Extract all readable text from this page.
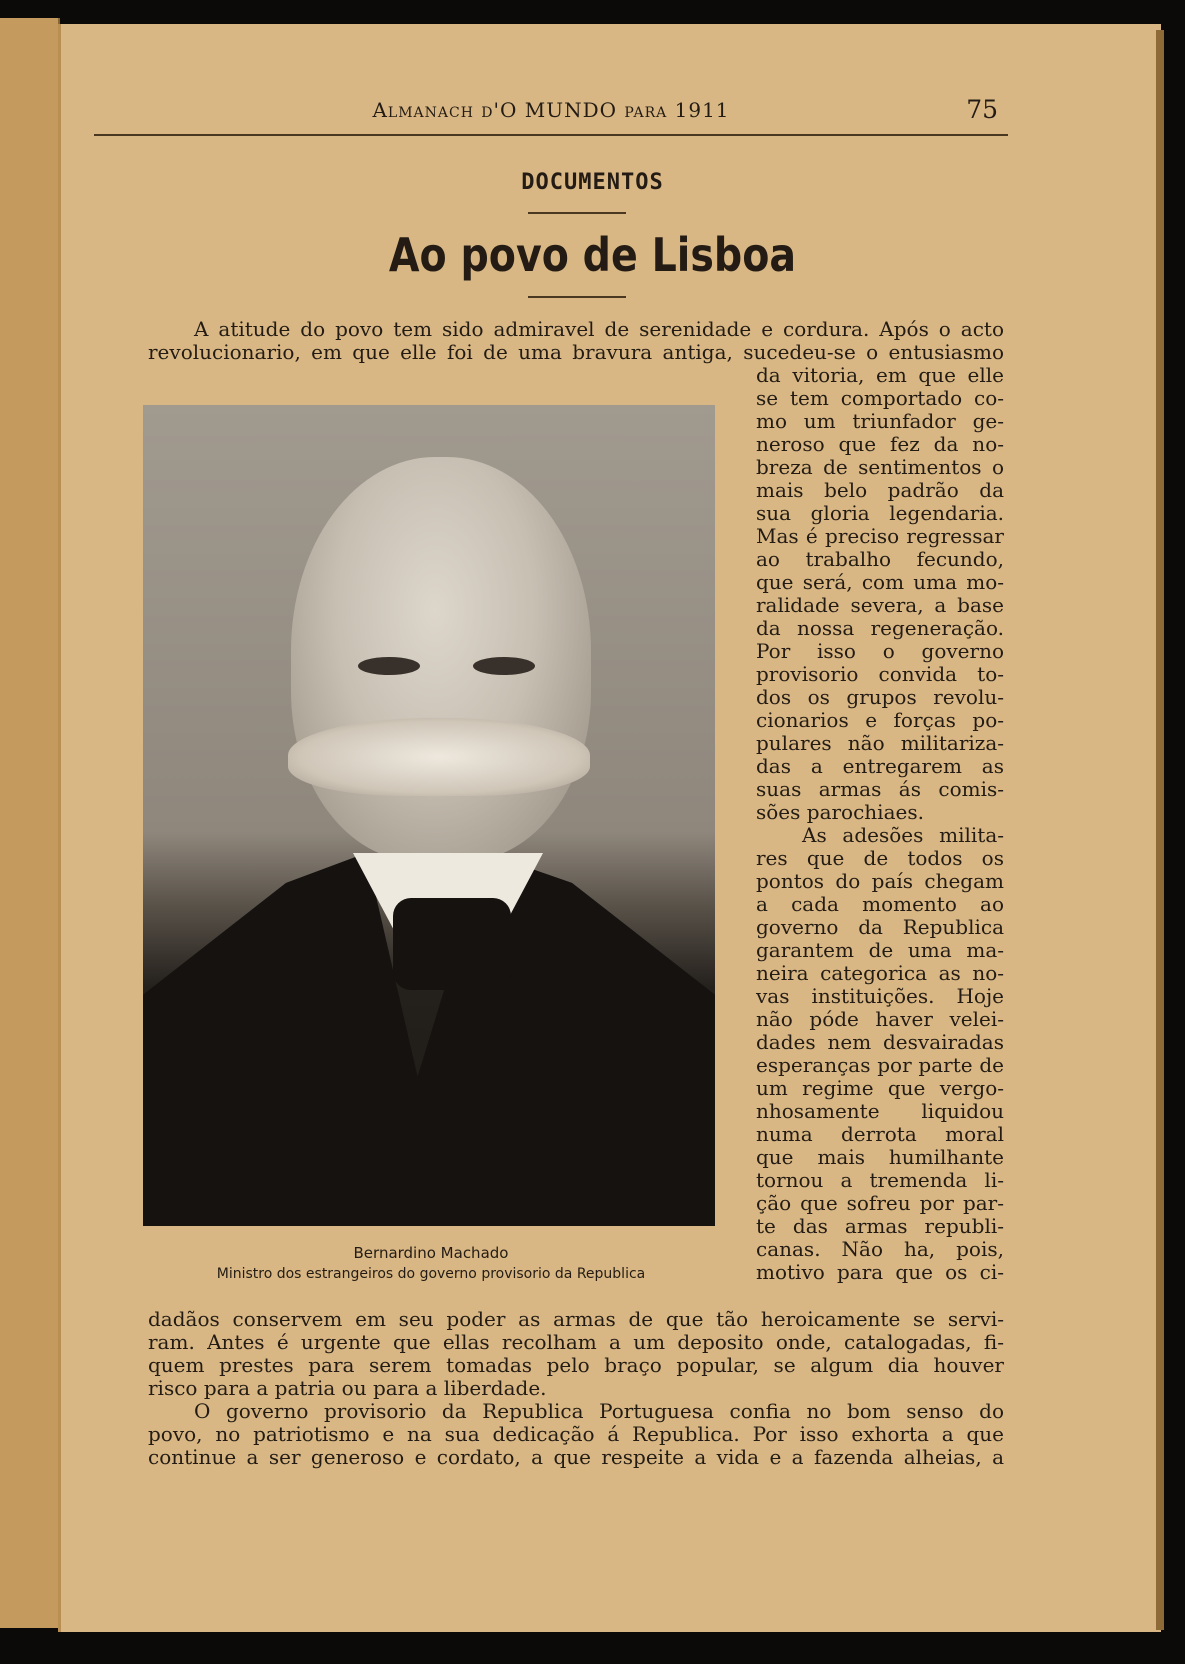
Almanach d'O MUNDO para 1911	75
DOCUMENTOS
Ao povo de Lisboa
A atitude do povo tem sido admiravel de serenidade e cordura. Após o acto
revolucionario, em que elle foi de uma bravura antiga, sucedeu-se o entusiasmo
da vitoria, em que elle
se tem comportado co-
mo um triunfador ge-
neroso que fez da no-
breza de sentimentos o
mais belo padrão da
sua gloria legendaria.
Mas é preciso regressar
ao trabalho fecundo,
que será, com uma mo-
ralidade severa, a base
da nossa regeneração.
Por isso o governo
provisorio convida to-
dos os grupos revolu-
cionarios e forças po-
pulares não militariza-
das a entregarem as
suas armas ás comis-
sões parochiaes.
As adesões milita-
res que de todos os
pontos do país chegam
a cada momento ao
governo da Republica
garantem de uma ma-
neira categorica as no-
vas instituições. Hoje
não póde haver velei-
dades nem desvairadas
esperanças por parte de
um regime que vergo-
nhosamente liquidou
numa derrota moral
que mais humilhante
tornou a tremenda li-
ção que sofreu por par-
te das armas republi-
canas. Não ha, pois,
motivo para que os ci-
dadãos conservem em seu poder as armas de que tão heroicamente se servi-
ram. Antes é urgente que ellas recolham a um deposito onde, catalogadas, fi-
quem prestes para serem tomadas pelo braço popular, se algum dia houver
risco para a patria ou para a liberdade.
O governo provisorio da Republica Portuguesa confia no bom senso do
povo, no patriotismo e na sua dedicação á Republica. Por isso exhorta a que
continue a ser generoso e cordato, a que respeite a vida e a fazenda alheias, a
Bernardino Machado
Ministro dos estrangeiros do governo provisorio da Republica
